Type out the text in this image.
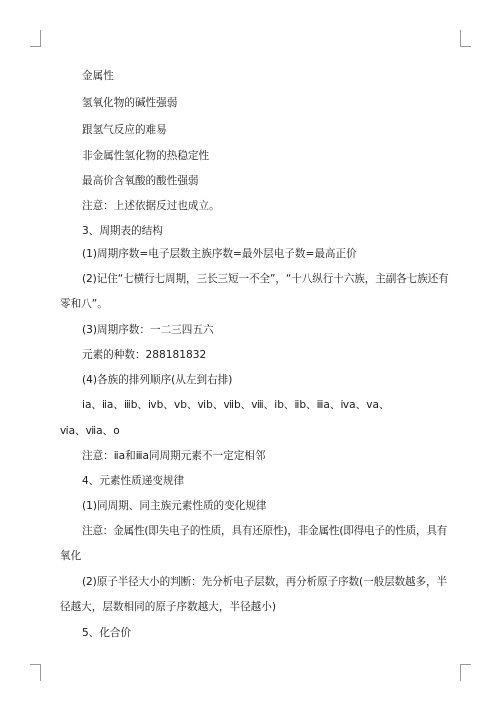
金属性
氢氧化物的碱性强弱
跟氢气反应的难易
非金属性氢化物的热稳定性
最高价含氧酸的酸性强弱
注意：上述依据反过也成立。
3、周期表的结构
(1)周期序数=电子层数主族序数=最外层电子数=最高正价
(2)记住“七横行七周期，三长三短一不全”，“十八纵行十六族，主副各七族还有
零和八”。
(3)周期序数：一二三四五六
元素的种数：288181832
(4)各族的排列顺序(从左到右排)
ⅰa、ⅱa、ⅲb、ⅳb、ⅴb、ⅵb、ⅶb、ⅷ、ⅰb、ⅱb、ⅲa、ⅳa、ⅴa、
ⅵa、ⅶa、o
注意：ⅱa和ⅲa同周期元素不一定定相邻
4、元素性质递变规律
(1)同周期、同主族元素性质的变化规律
注意：金属性(即失电子的性质，具有还原性)，非金属性(即得电子的性质，具有
氧化
(2)原子半径大小的判断：先分析电子层数，再分析原子序数(一般层数越多，半
径越大，层数相同的原子序数越大，半径越小)
5、化合价
